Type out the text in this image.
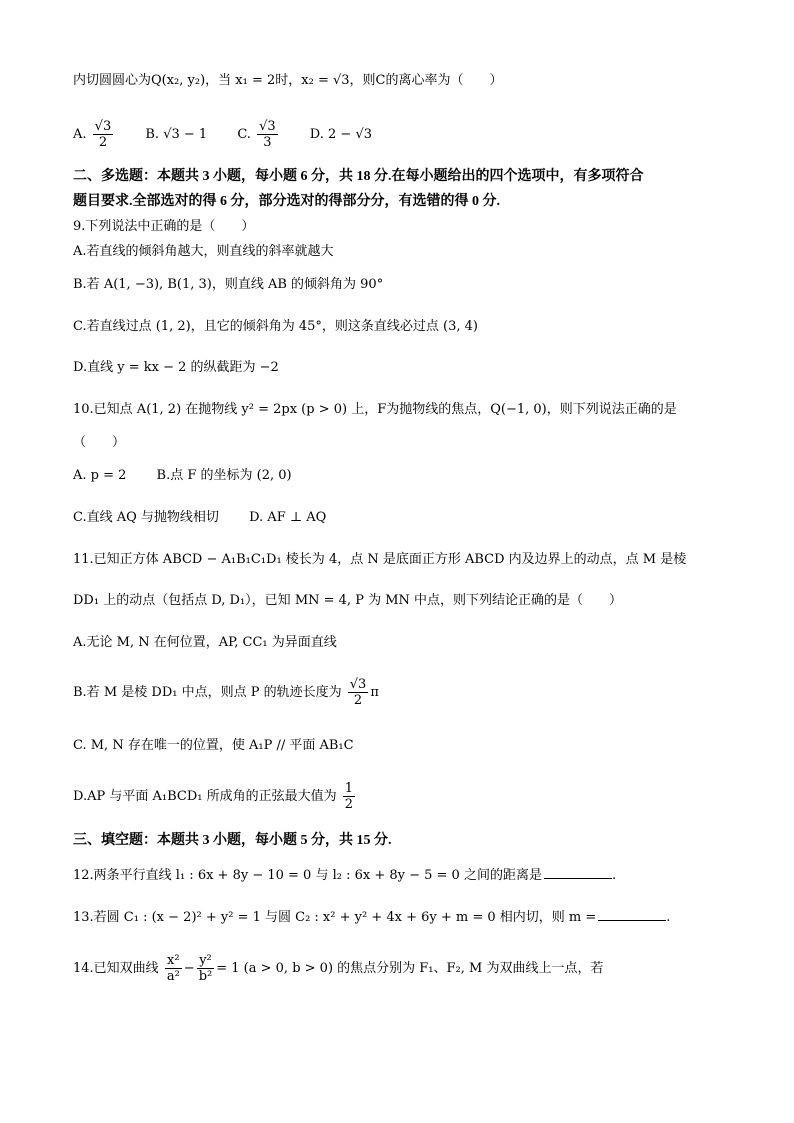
内切圆圆心为Q(x₂, y₂)，当 x₁ = 2时，x₂ = √3，则C的离心率为（　　）
A. $\frac{√3}{2} B$. √3 − 1 C. $\frac{√3}{3} D$. 2 − √3
二、多选题：本题共 3 小题，每小题 6 分，共 18 分.在每小题给出的四个选项中，有多项符合
题目要求.全部选对的得 6 分，部分选对的得部分分，有选错的得 0 分.
9.下列说法中正确的是（　　）
A.若直线的倾斜角越大，则直线的斜率就越大
B.若 A(1, −3), B(1, 3)，则直线 AB 的倾斜角为 90°
C.若直线过点 (1, 2)，且它的倾斜角为 45°，则这条直线必过点 (3, 4)
D.直线 y = kx − 2 的纵截距为 −2
10.已知点 A(1, 2) 在抛物线 y² = 2px (p > 0) 上，F为抛物线的焦点，Q(−1, 0)，则下列说法正确的是
（　　）
A. p = 2 B.点 F 的坐标为 (2, 0)
C.直线 AQ 与抛物线相切 D. AF ⊥ AQ
11.已知正方体 ABCD − A₁B₁C₁D₁ 棱长为 4，点 N 是底面正方形 ABCD 内及边界上的动点，点 M 是棱
DD₁ 上的动点（包括点 D, D₁），已知 MN = 4, P 为 MN 中点，则下列结论正确的是（　　）
A.无论 M, N 在何位置，AP, CC₁ 为异面直线
B.若 M 是棱 DD₁ 中点，则点 P 的轨迹长度为 $\frac{√3}{2}$ π
C. M, N 存在唯一的位置，使 A₁P // 平面 AB₁C
D.AP 与平面 A₁BCD₁ 所成角的正弦最大值为 $\frac{1}{2}$
三、填空题：本题共 3 小题，每小题 5 分，共 15 分.
12.两条平行直线 l₁ : 6x + 8y − 10 = 0 与 l₂ : 6x + 8y − 5 = 0 之间的距离是	.
13.若圆 C₁ : (x − 2)² + y² = 1 与圆 C₂ : x² + y² + 4x + 6y + m = 0 相内切，则 m =	.
14.已知双曲线 $\frac{\text{x²}}{\text{a²}} - \frac{\text{y²}}{\text{b²}} = 1$ (a > 0, b > 0) 的焦点分别为 F₁、F₂, M 为双曲线上一点，若
